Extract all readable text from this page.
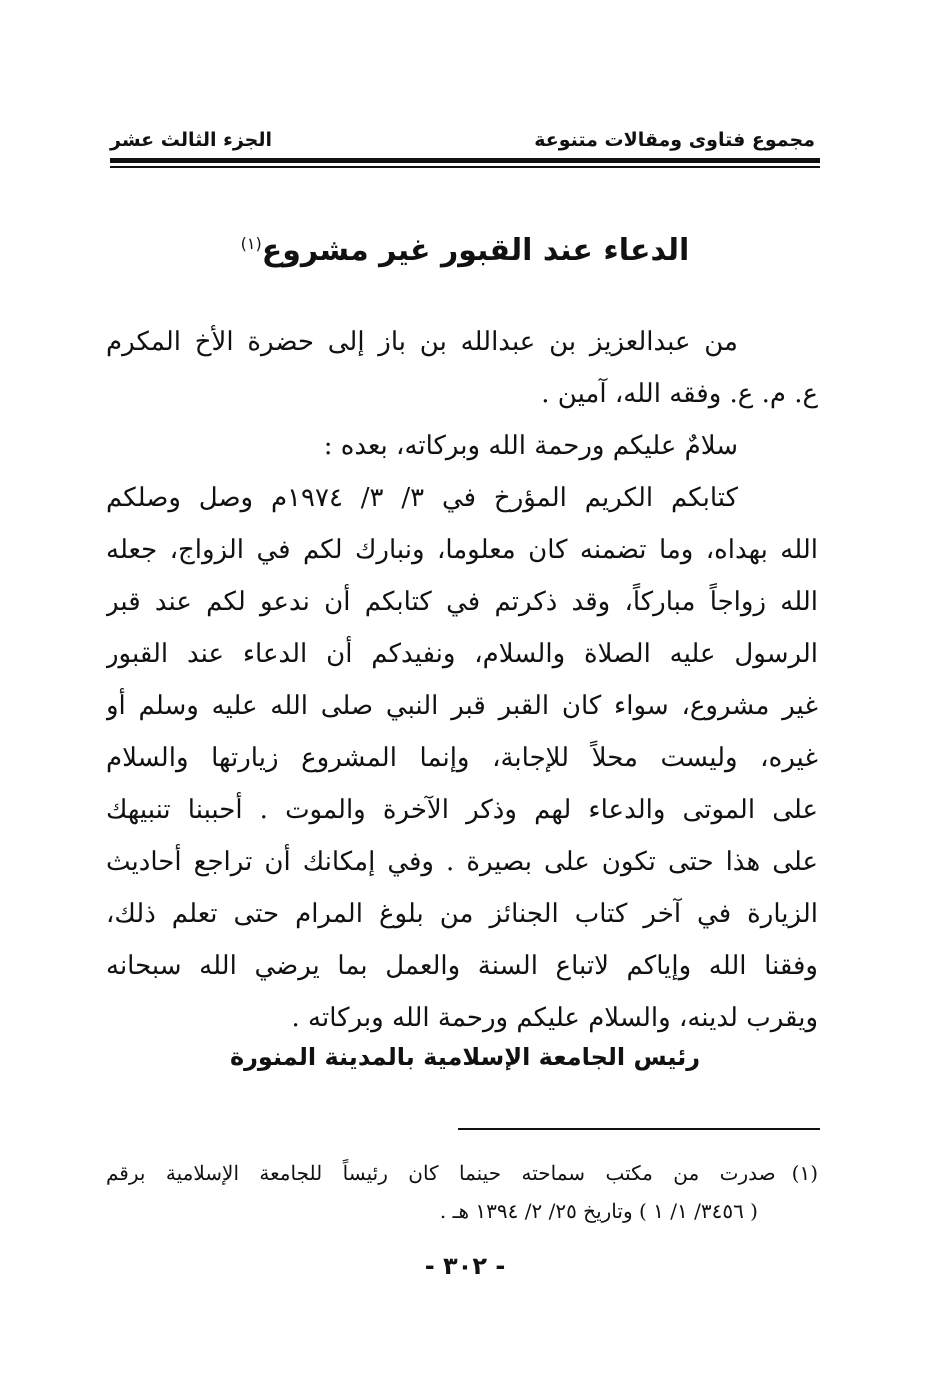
مجموع فتاوى ومقالات متنوعة
الجزء الثالث عشر
الدعاء عند القبور غير مشروع$^{(١)}$
من عبدالعزيز بن عبدالله بن باز إلى حضرة الأخ المكرم
ع. م. ع. وفقه الله، آمين .
سلامٌ عليكم ورحمة الله وبركاته، بعده :
كتابكم الكريم المؤرخ في ٣/ ٣/ ١٩٧٤م وصل وصلكم
الله بهداه، وما تضمنه كان معلوما، ونبارك لكم في الزواج، جعله
الله زواجاً مباركاً، وقد ذكرتم في كتابكم أن ندعو لكم عند قبر
الرسول عليه الصلاة والسلام، ونفيدكم أن الدعاء عند القبور
غير مشروع، سواء كان القبر قبر النبي صلى الله عليه وسلم أو
غيره، وليست محلاً للإجابة، وإنما المشروع زيارتها والسلام
على الموتى والدعاء لهم وذكر الآخرة والموت . أحببنا تنبيهك
على هذا حتى تكون على بصيرة . وفي إمكانك أن تراجع أحاديث
الزيارة في آخر كتاب الجنائز من بلوغ المرام حتى تعلم ذلك،
وفقنا الله وإياكم لاتباع السنة والعمل بما يرضي الله سبحانه
ويقرب لدينه، والسلام عليكم ورحمة الله وبركاته .
رئيس الجامعة الإسلامية بالمدينة المنورة
(١)صدرت من مكتب سماحته حينما كان رئيساً للجامعة الإسلامية برقم
( ٣٤٥٦/ ١/ ١ ) وتاريخ ٢٥/ ٢/ ١٣٩٤ هـ .
- ٣٠٢ -
